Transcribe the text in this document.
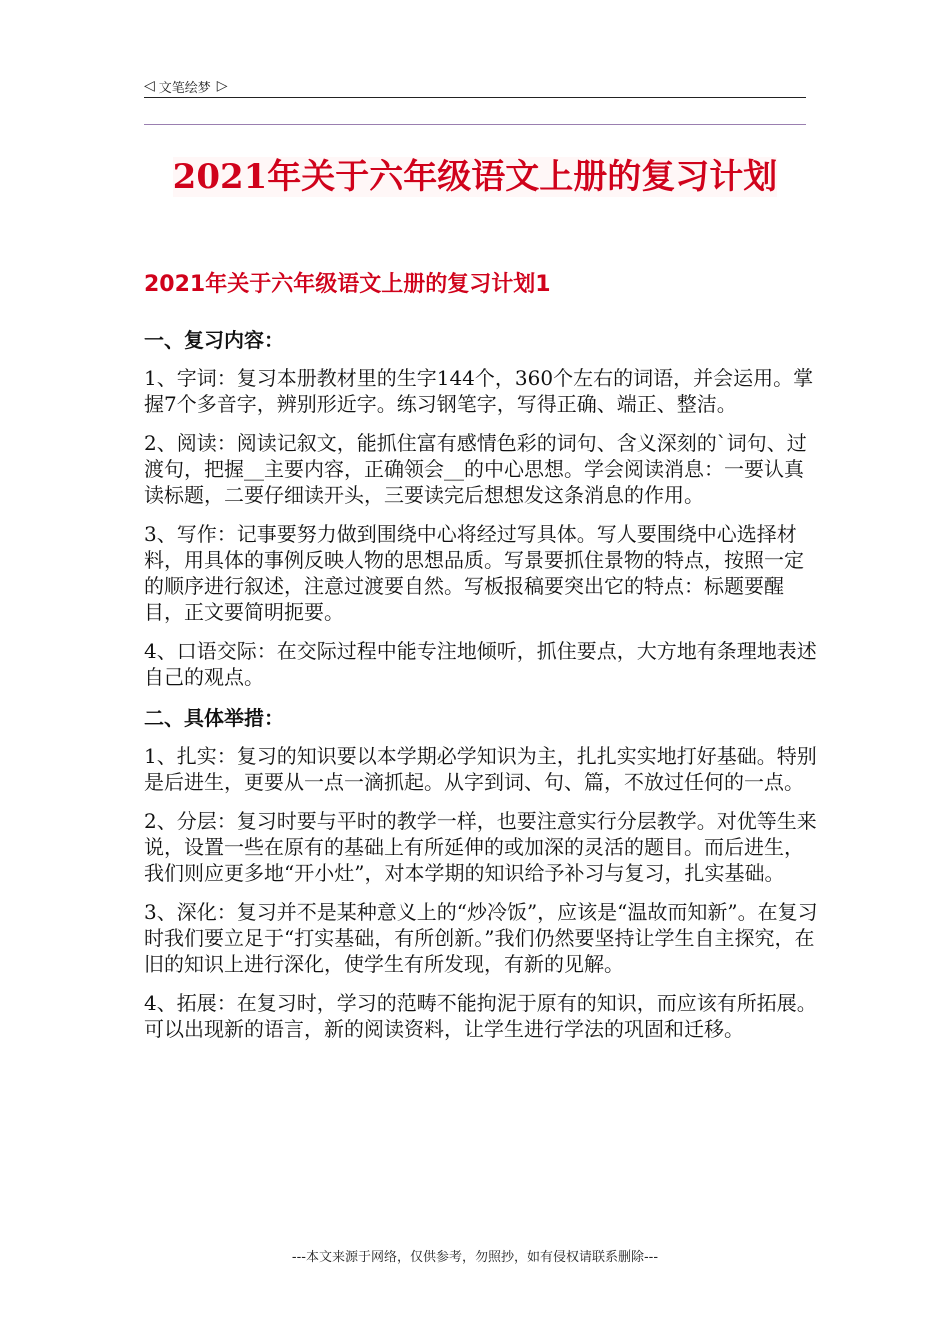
◁ 文笔绘梦 ▷
2021年关于六年级语文上册的复习计划
2021年关于六年级语文上册的复习计划1
一、复习内容：

1、字词：复习本册教材里的生字144个，360个左右的词语，并会运用。掌握7个多音字，辨别形近字。练习钢笔字，写得正确、端正、整洁。

2、阅读：阅读记叙文，能抓住富有感情色彩的词句、含义深刻的`词句、过渡句，把握__主要内容，正确领会__的中心思想。学会阅读消息：一要认真读标题，二要仔细读开头，三要读完后想想发这条消息的作用。

3、写作：记事要努力做到围绕中心将经过写具体。写人要围绕中心选择材料，用具体的事例反映人物的思想品质。写景要抓住景物的特点，按照一定的顺序进行叙述，注意过渡要自然。写板报稿要突出它的特点：标题要醒目，正文要简明扼要。

4、口语交际：在交际过程中能专注地倾听，抓住要点，大方地有条理地表述自己的观点。

二、具体举措：

1、扎实：复习的知识要以本学期必学知识为主，扎扎实实地打好基础。特别是后进生，更要从一点一滴抓起。从字到词、句、篇，不放过任何的一点。

2、分层：复习时要与平时的教学一样，也要注意实行分层教学。对优等生来说，设置一些在原有的基础上有所延伸的或加深的灵活的题目。而后进生，我们则应更多地“开小灶”，对本学期的知识给予补习与复习，扎实基础。

3、深化：复习并不是某种意义上的“炒冷饭”，应该是“温故而知新”。在复习时我们要立足于“打实基础，有所创新。”我们仍然要坚持让学生自主探究，在旧的知识上进行深化，使学生有所发现，有新的见解。

4、拓展：在复习时，学习的范畴不能拘泥于原有的知识，而应该有所拓展。可以出现新的语言，新的阅读资料，让学生进行学法的巩固和迁移。

---本文来源于网络，仅供参考，勿照抄，如有侵权请联系删除---
